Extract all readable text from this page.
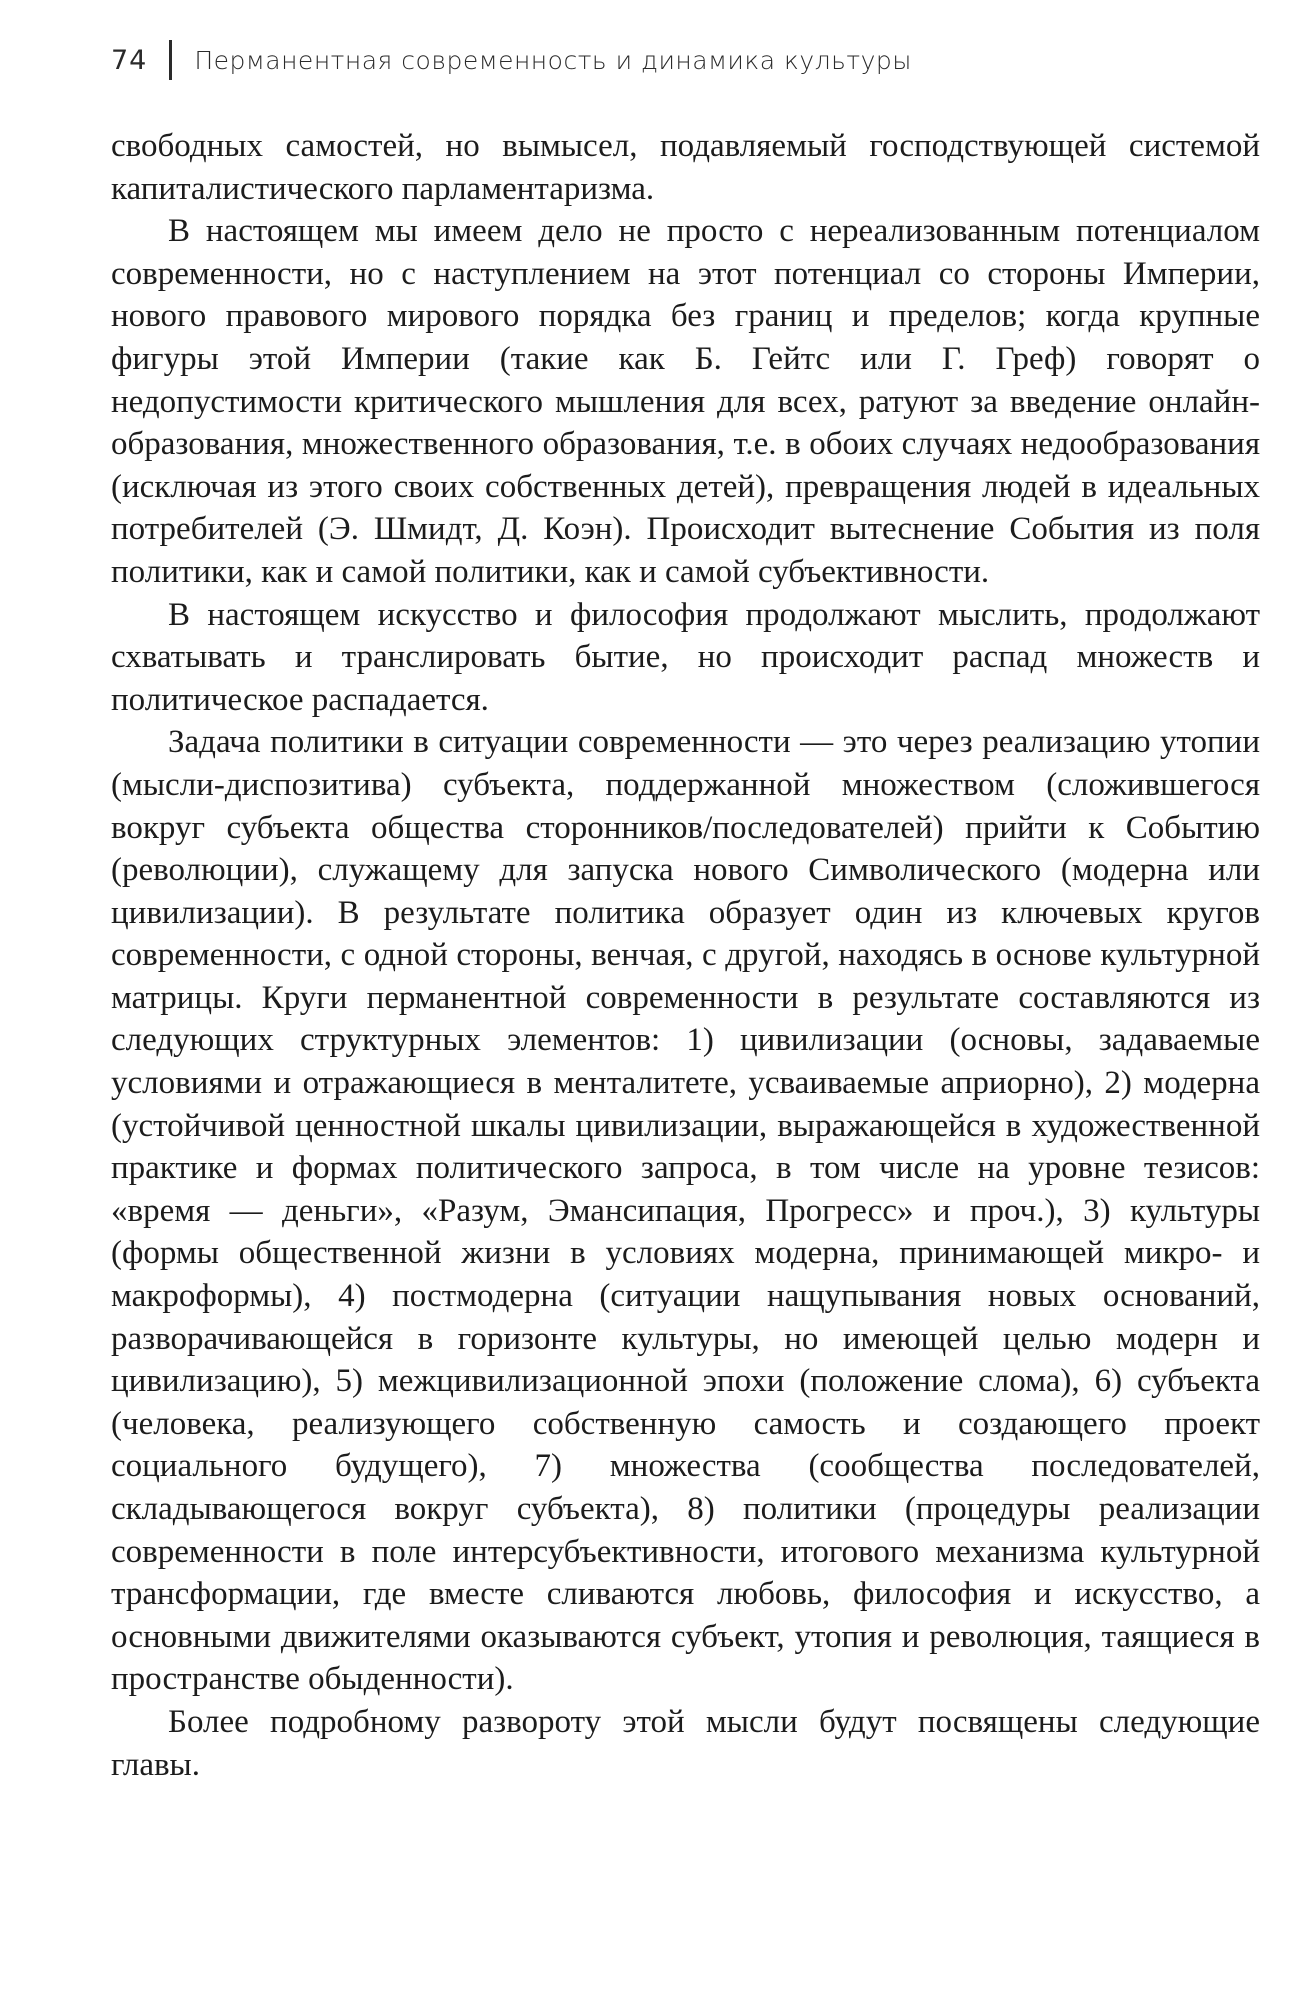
74 Перманентная современность и динамика культуры

свободных самостей, но вымысел, подавляемый господствующей системой капиталистического парламентаризма.

В настоящем мы имеем дело не просто с нереализованным потенциалом современности, но с наступлением на этот потенциал со стороны Империи, нового правового мирового порядка без границ и пределов; когда крупные фигуры этой Империи (такие как Б. Гейтс или Г. Греф) говорят о недопустимости критического мышления для всех, ратуют за введение онлайн-образования, множественного образования, т.е. в обоих случаях недообразования (исключая из этого своих собственных детей), превращения людей в идеальных потребителей (Э. Шмидт, Д. Коэн). Происходит вытеснение События из поля политики, как и самой политики, как и самой субъективности.

В настоящем искусство и философия продолжают мыслить, продолжают схватывать и транслировать бытие, но происходит распад множеств и политическое распадается.

Задача политики в ситуации современности — это через реализацию утопии (мысли-диспозитива) субъекта, поддержанной множеством (сложившегося вокруг субъекта общества сторонников/последователей) прийти к Событию (революции), служащему для запуска нового Символического (модерна или цивилизации). В результате политика образует один из ключевых кругов современности, с одной стороны, венчая, с другой, находясь в основе культурной матрицы. Круги перманентной современности в результате составляются из следующих структурных элементов: 1) цивилизации (основы, задаваемые условиями и отражающиеся в менталитете, усваиваемые априорно), 2) модерна (устойчивой ценностной шкалы цивилизации, выражающейся в художественной практике и формах политического запроса, в том числе на уровне тезисов: «время — деньги», «Разум, Эмансипация, Прогресс» и проч.), 3) культуры (формы общественной жизни в условиях модерна, принимающей микро- и макроформы), 4) постмодерна (ситуации нащупывания новых оснований, разворачивающейся в горизонте культуры, но имеющей целью модерн и цивилизацию), 5) межцивилизационной эпохи (положение слома), 6) субъекта (человека, реализующего собственную самость и создающего проект социального будущего), 7) множества (сообщества последователей, складывающегося вокруг субъекта), 8) политики (процедуры реализации современности в поле интерсубъективности, итогового механизма культурной трансформации, где вместе сливаются любовь, философия и искусство, а основными движителями оказываются субъект, утопия и революция, таящиеся в пространстве обыденности).

Более подробному развороту этой мысли будут посвящены следующие главы.
